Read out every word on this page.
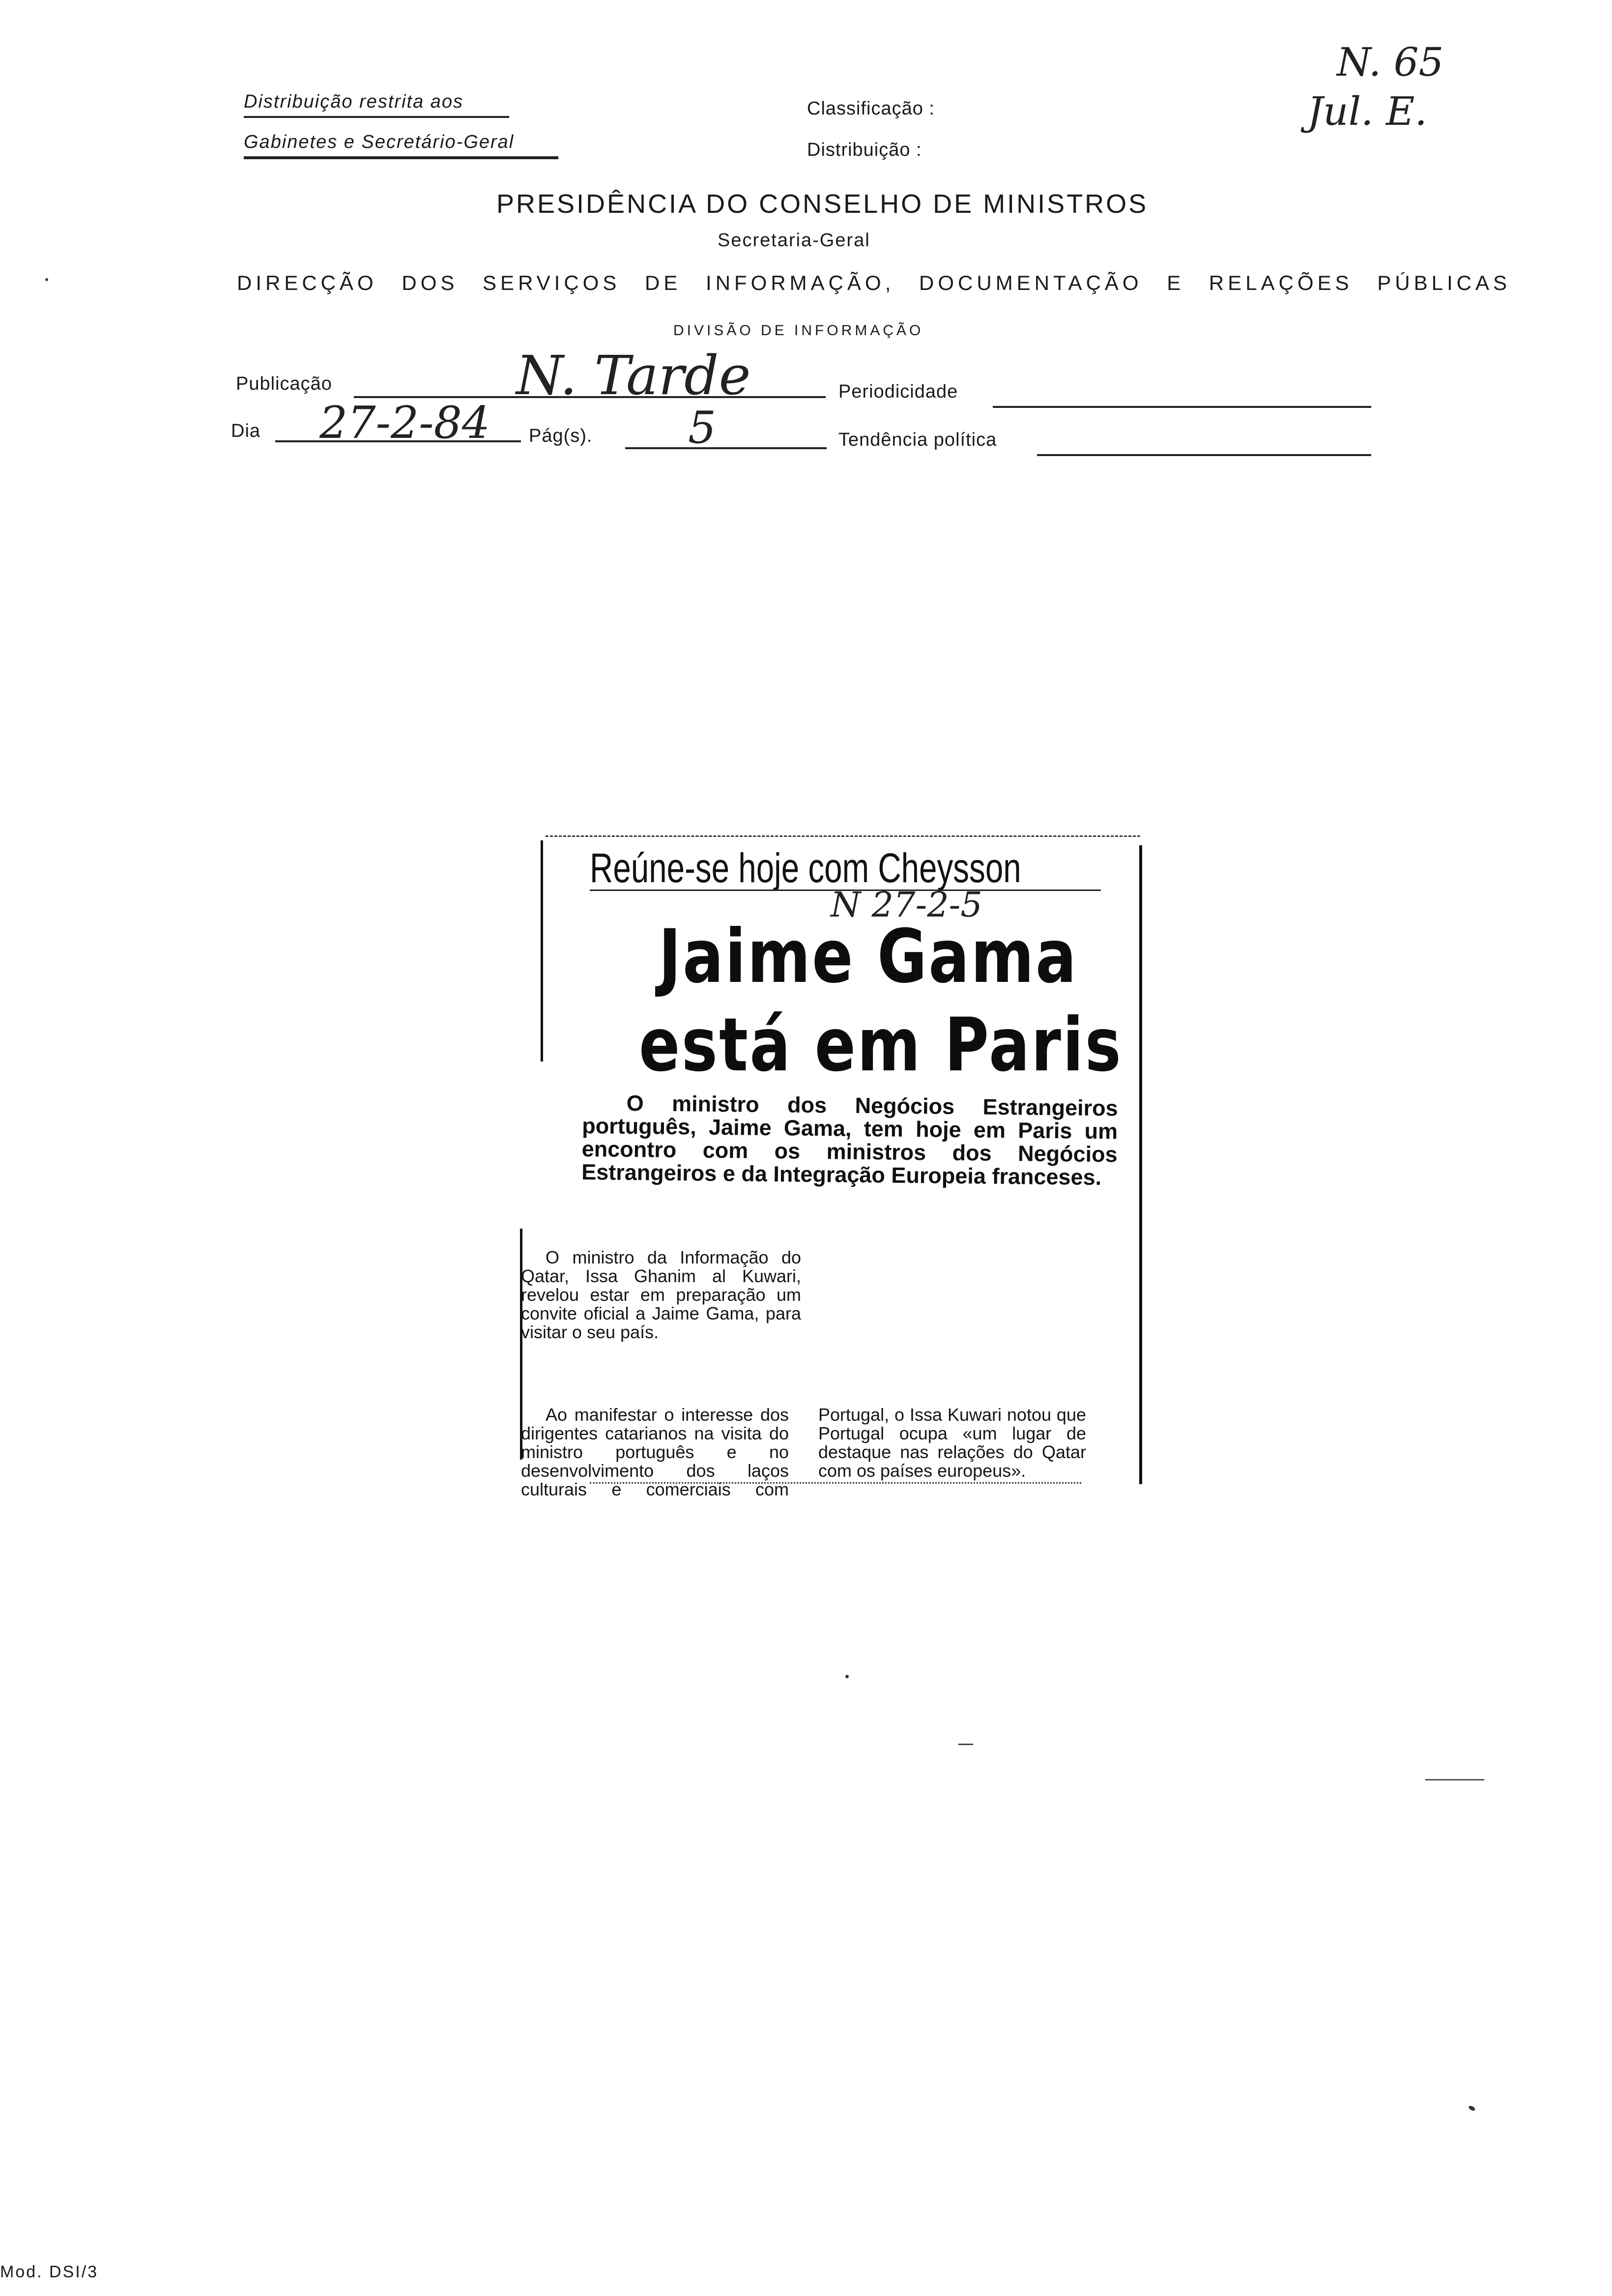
Distribuição restrita aos
Gabinetes e Secretário-Geral
Classificação :
Distribuição :
N. 65
Jul. E.
PRESIDÊNCIA DO CONSELHO DE MINISTROS
Secretaria-Geral
DIRECÇÃO DOS SERVIÇOS DE INFORMAÇÃO, DOCUMENTAÇÃO E RELAÇÕES PÚBLICAS
DIVISÃO DE INFORMAÇÃO
Publicação	N. Tarde	Periodicidade
Dia 27-2-84 Pág(s). 5	Tendência política
Reúne-se hoje com Cheysson
N 27-2-5
Jaime Gama
está em Paris
O ministro dos Negócios Estrangeiros português, Jaime Gama, tem hoje em Paris um encontro com os ministros dos Negócios Estrangeiros e da Integração Europeia franceses.
O ministro da Informação do Qatar, Issa Ghanim al Kuwari, revelou estar em preparação um convite oficial a Jaime Gama, para visitar o seu país.
Ao manifestar o interesse dos dirigentes catarianos na visita do ministro português e no desenvolvimento dos laços culturais e comerciais com Portugal, o Issa Kuwari notou que Portugal ocupa «um lugar de destaque nas relações do Qatar com os países europeus».
Mod. DSI/3
